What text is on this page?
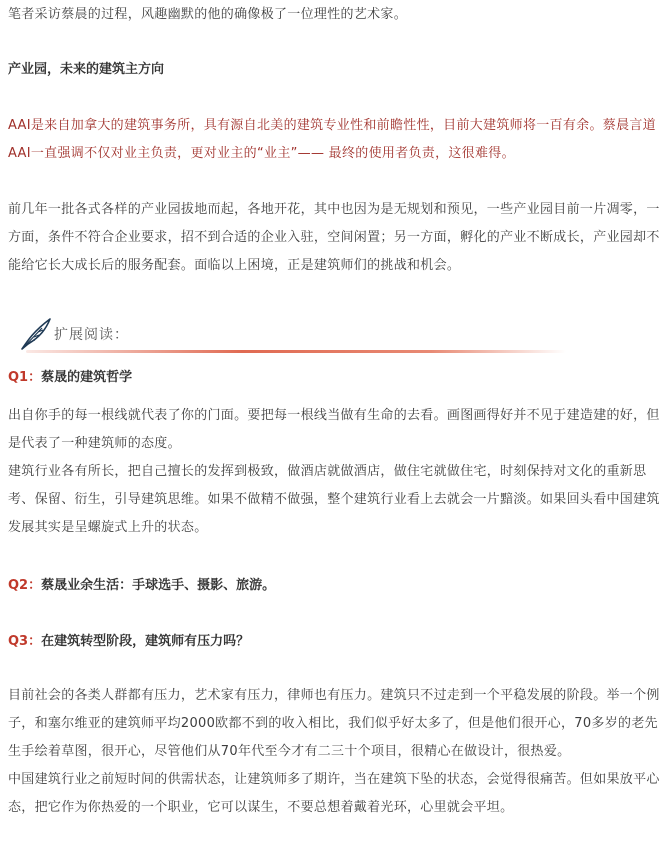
笔者采访蔡晨的过程，风趣幽默的他的确像极了一位理性的艺术家。

产业园，未来的建筑主方向

AAI是来自加拿大的建筑事务所，具有源自北美的建筑专业性和前瞻性性，目前大建筑师将一百有余。蔡晨言道AAI一直强调不仅对业主负责，更对业主的“业主”—— 最终的使用者负责，这很难得。

前几年一批各式各样的产业园拔地而起，各地开花，其中也因为是无规划和预见，一些产业园目前一片凋零，一方面，条件不符合企业要求，招不到合适的企业入驻，空间闲置；另一方面，孵化的产业不断成长，产业园却不能给它长大成长后的服务配套。面临以上困境，正是建筑师们的挑战和机会。

扩展阅读：
Q1：蔡晟的建筑哲学

出自你手的每一根线就代表了你的门面。要把每一根线当做有生命的去看。画图画得好并不见于建造建的好，但是代表了一种建筑师的态度。

建筑行业各有所长，把自己擅长的发挥到极致，做酒店就做酒店，做住宅就做住宅，时刻保持对文化的重新思考、保留、衍生，引导建筑思维。如果不做精不做强，整个建筑行业看上去就会一片黯淡。如果回头看中国建筑发展其实是呈螺旋式上升的状态。

Q2：蔡晟业余生活：手球选手、摄影、旅游。
Q3：在建筑转型阶段，建筑师有压力吗？

目前社会的各类人群都有压力，艺术家有压力，律师也有压力。建筑只不过走到一个平稳发展的阶段。举一个例子，和塞尔维亚的建筑师平均2000欧都不到的收入相比，我们似乎好太多了，但是他们很开心，70多岁的老先生手绘着草图，很开心，尽管他们从70年代至今才有二三十个项目，很精心在做设计，很热爱。

中国建筑行业之前短时间的供需状态，让建筑师多了期许，当在建筑下坠的状态，会觉得很痛苦。但如果放平心态，把它作为你热爱的一个职业，它可以谋生，不要总想着戴着光环，心里就会平坦。
